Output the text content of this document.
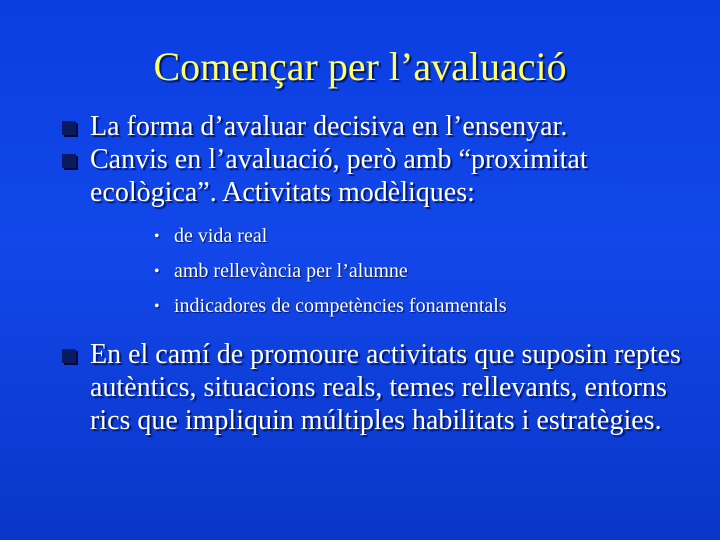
Començar per l’avaluació
La forma d’avaluar decisiva en l’ensenyar.
Canvis en l’avaluació, però amb “proximitat ecològica”. Activitats modèliques:
• de vida real
• amb rellevància per l’alumne
• indicadores de competències fonamentals
En el camí de promoure activitats que suposin reptes autèntics, situacions reals, temes rellevants, entorns rics que impliquin múltiples habilitats i estratègies.
